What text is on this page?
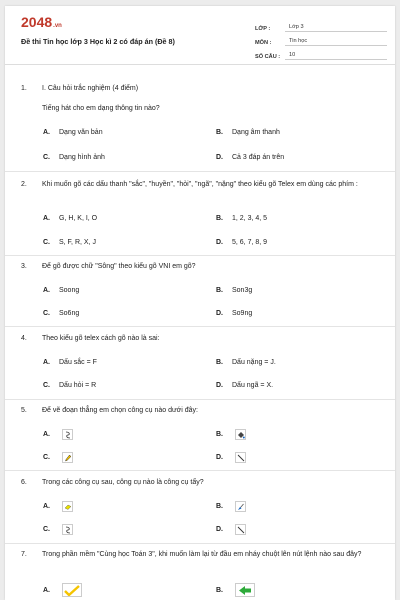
2048.vn
Đề thi Tin học lớp 3 Học kì 2 có đáp án (Đề 8)
LỚP :	Lớp 3
MÔN :	Tin học
SỐ CÂU :	10
1. I. Câu hỏi trắc nghiệm (4 điểm)
Tiếng hát cho em dạng thông tin nào?
A.	Dạng văn bản	B.	Dạng âm thanh
C.	Dạng hình ảnh	D.	Cả 3 đáp án trên
2. Khi muốn gõ các dấu thanh "sắc", "huyền", "hỏi", "ngã", "nặng" theo kiểu gõ Telex em dùng các phím :
A.	G, H, K, I, O	B.	1, 2, 3, 4, 5
C.	S, F, R, X, J	D.	5, 6, 7, 8, 9
3. Để gõ được chữ "Sông" theo kiểu gõ VNI em gõ?
A.	Soong	B.	Son3g
C.	So6ng	D.	So9ng
4. Theo kiểu gõ telex cách gõ nào là sai:
A.	Dấu sắc = F	B.	Dấu nặng = J.
C.	Dấu hỏi = R	D.	Dấu ngã = X.
5. Để vẽ đoạn thẳng em chọn công cụ nào dưới đây:
A.	B.
C.	D.
6. Trong các công cụ sau, công cụ nào là công cụ tẩy?
A.	B.
C.	D.
7. Trong phần mềm "Cùng học Toán 3", khi muốn làm lại từ đầu em nháy chuột lên nút lệnh nào sau đây?
A.	B.
